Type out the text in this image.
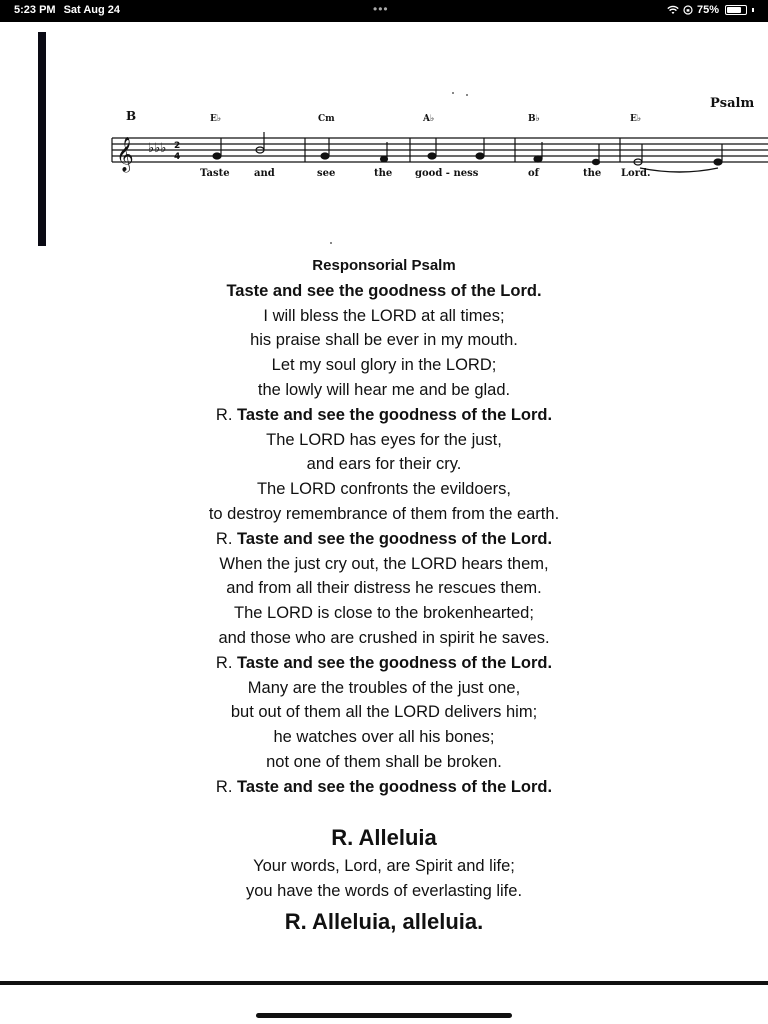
5:23 PM Sat Aug 24	•••	75%
𝄞 ♭♭♭ 2
4
Psalm
B	E♭	Cm	A♭	B♭	E♭
Taste and	see	the good - ness	of	the Lord.
Responsorial Psalm
Taste and see the goodness of the Lord.
I will bless the LORD at all times;
his praise shall be ever in my mouth.
Let my soul glory in the LORD;
the lowly will hear me and be glad.
R. Taste and see the goodness of the Lord.
The LORD has eyes for the just,
and ears for their cry.
The LORD confronts the evildoers,
to destroy remembrance of them from the earth.
R. Taste and see the goodness of the Lord.
When the just cry out, the LORD hears them,
and from all their distress he rescues them.
The LORD is close to the brokenhearted;
and those who are crushed in spirit he saves.
R. Taste and see the goodness of the Lord.
Many are the troubles of the just one,
but out of them all the LORD delivers him;
he watches over all his bones;
not one of them shall be broken.
R. Taste and see the goodness of the Lord.
R. Alleluia
Your words, Lord, are Spirit and life;
you have the words of everlasting life.
R. Alleluia, alleluia.
